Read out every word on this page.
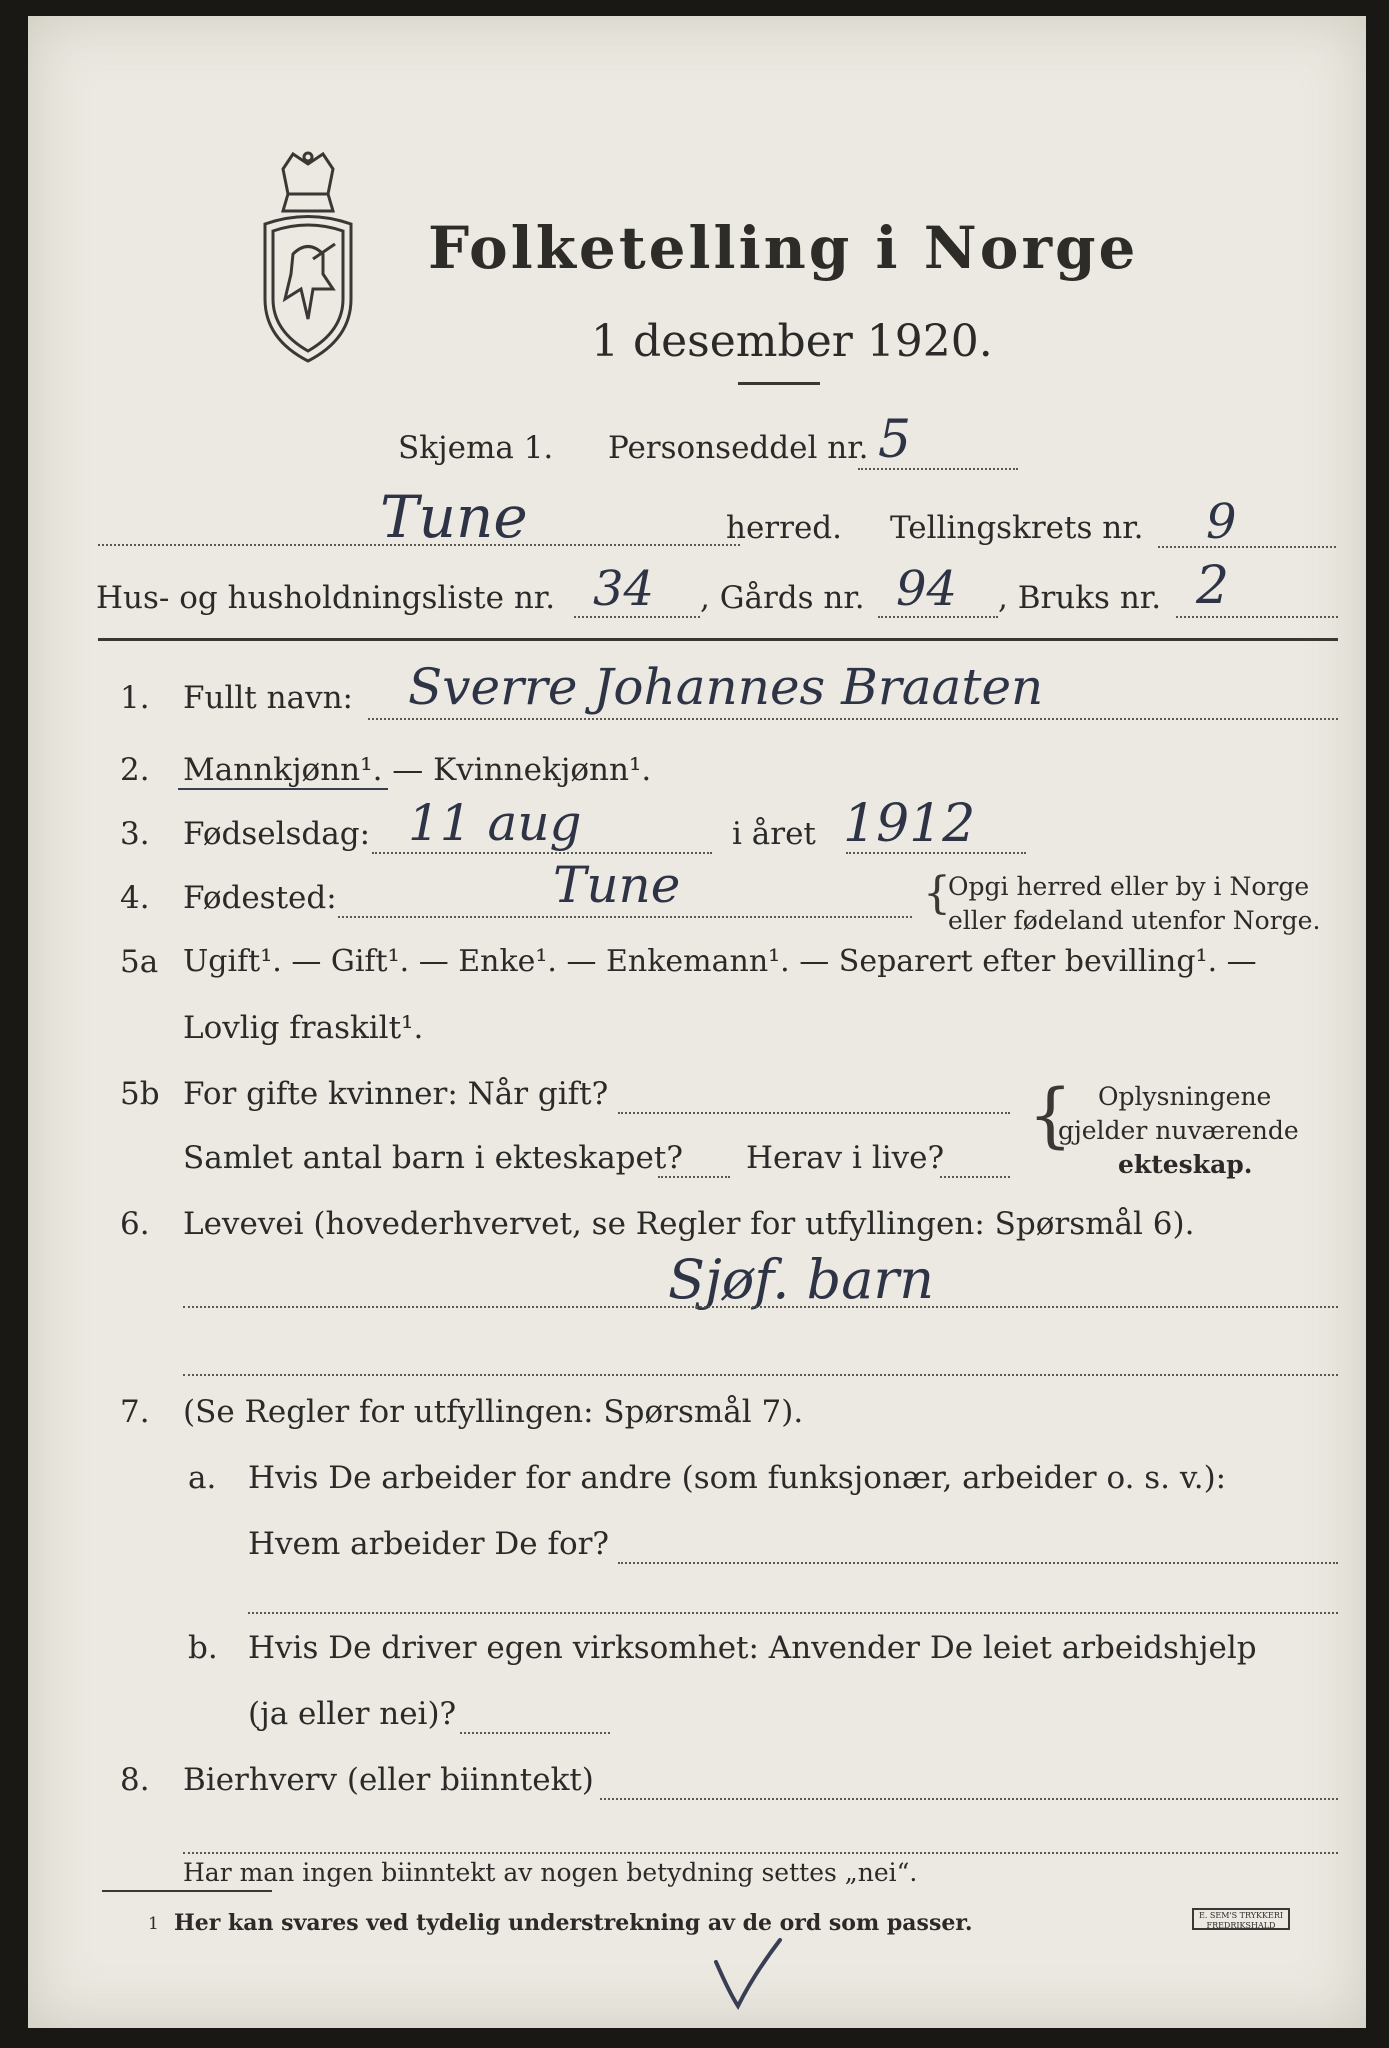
Folketelling i Norge
1 desember 1920.
Skjema 1. Personseddel nr. 5
Tune	herred. Tellingskrets nr. 9
Hus- og husholdningsliste nr. 34 , Gårds nr. 94 , Bruks nr. 2
1. Fullt navn: Sverre Johannes Braaten
2. Mannkjønn¹. — Kvinnekjønn¹.
3. Fødselsdag: 11 aug	i året 1912
4. Fødested:	Tune	{
Opgi herred eller by i Norge
eller fødeland utenfor Norge.
5a Ugift¹. — Gift¹. — Enke¹. — Enkemann¹. — Separert efter bevilling¹. —
Lovlig fraskilt¹.
5b For gifte kvinner: Når gift?
Samlet antal barn i ekteskapet? Herav i live?
{ Oplysningene
gjelder nuværende
ekteskap.
6. Levevei (hovederhvervet, se Regler for utfyllingen: Spørsmål 6).
Sjøf. barn
7. (Se Regler for utfyllingen: Spørsmål 7).
a. Hvis De arbeider for andre (som funksjonær, arbeider o. s. v.):
Hvem arbeider De for?
b. Hvis De driver egen virksomhet: Anvender De leiet arbeidshjelp
(ja eller nei)?
8. Bierhverv (eller biinntekt)
Har man ingen biinntekt av nogen betydning settes „nei“.
1 Her kan svares ved tydelig understrekning av de ord som passer.	E. SEM'S TRYKKERI FREDRIKSHALD
